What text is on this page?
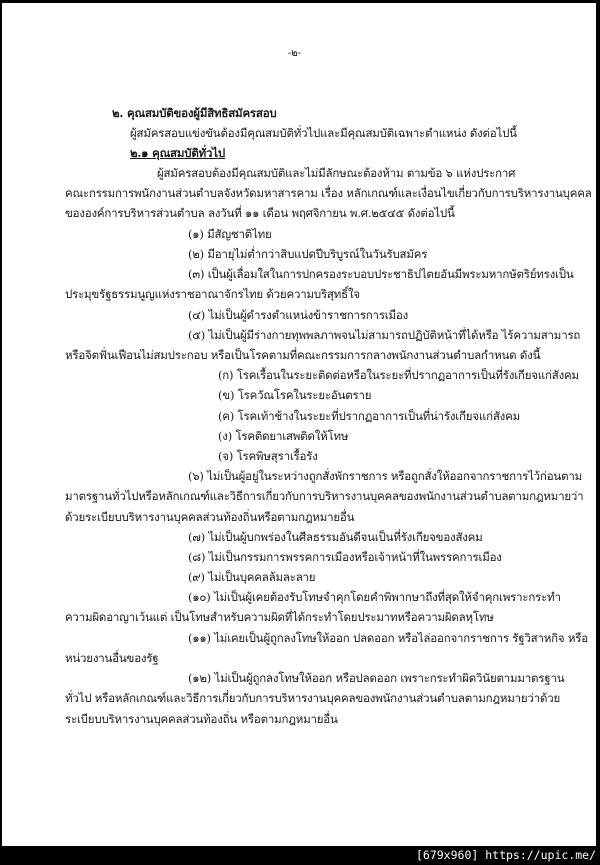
-๒-
๒. คุณสมบัติของผู้มีสิทธิสมัครสอบ
ผู้สมัครสอบแข่งขันต้องมีคุณสมบัติทั่วไปและมีคุณสมบัติเฉพาะตำแหน่ง ดังต่อไปนี้
๒.๑ คุณสมบัติทั่วไป
ผู้สมัครสอบต้องมีคุณสมบัติและไม่มีลักษณะต้องห้าม ตามข้อ ๖ แห่งประกาศ
คณะกรรมการพนักงานส่วนตำบลจังหวัดมหาสารคาม เรื่อง หลักเกณฑ์และเงื่อนไขเกี่ยวกับการบริหารงานบุคคล
ขององค์การบริหารส่วนตำบล ลงวันที่ ๑๑ เดือน พฤศจิกายน พ.ศ.๒๕๔๕ ดังต่อไปนี้
(๑) มีสัญชาติไทย
(๒) มีอายุไม่ต่ำกว่าสิบแปดปีบริบูรณ์ในวันรับสมัคร
(๓) เป็นผู้เลื่อมใสในการปกครองระบอบประชาธิปไตยอันมีพระมหากษัตริย์ทรงเป็น
ประมุขรัฐธรรมนูญแห่งราชอาณาจักรไทย ด้วยความบริสุทธิ์ใจ
(๔) ไม่เป็นผู้ดำรงตำแหน่งข้าราชการการเมือง
(๕) ไม่เป็นผู้มีร่างกายทุพพลภาพจนไม่สามารถปฏิบัติหน้าที่ได้หรือ ไร้ความสามารถ
หรือจิตฟั่นเฟือนไม่สมประกอบ หรือเป็นโรคตามที่คณะกรรมการกลางพนักงานส่วนตำบลกำหนด ดังนี้
(ก) โรคเรื้อนในระยะติดต่อหรือในระยะที่ปรากฏอาการเป็นที่รังเกียจแก่สังคม
(ข) โรควัณโรคในระยะอันตราย
(ค) โรคเท้าช้างในระยะที่ปรากฏอาการเป็นที่น่ารังเกียจแก่สังคม
(ง) โรคติดยาเสพติดให้โทษ
(จ) โรคพิษสุราเรื้อรัง
(๖) ไม่เป็นผู้อยู่ในระหว่างถูกสั่งพักราชการ หรือถูกสั่งให้ออกจากราชการไว้ก่อนตาม
มาตรฐานทั่วไปหรือหลักเกณฑ์และวิธีการเกี่ยวกับการบริหารงานบุคคลของพนักงานส่วนตำบลตามกฎหมายว่า
ด้วยระเบียบบริหารงานบุคคลส่วนท้องถิ่นหรือตามกฎหมายอื่น
(๗) ไม่เป็นผู้บกพร่องในศีลธรรมอันดีจนเป็นที่รังเกียจของสังคม
(๘) ไม่เป็นกรรมการพรรคการเมืองหรือเจ้าหน้าที่ในพรรคการเมือง
(๙) ไม่เป็นบุคคลล้มละลาย
(๑๐) ไม่เป็นผู้เคยต้องรับโทษจำคุกโดยคำพิพากษาถึงที่สุดให้จำคุกเพราะกระทำ
ความผิดอาญาเว้นแต่ เป็นโทษสำหรับความผิดที่ได้กระทำโดยประมาทหรือความผิดลหุโทษ
(๑๑) ไม่เคยเป็นผู้ถูกลงโทษให้ออก ปลดออก หรือไล่ออกจากราชการ รัฐวิสาหกิจ หรือ
หน่วยงานอื่นของรัฐ
(๑๒) ไม่เป็นผู้ถูกลงโทษให้ออก หรือปลดออก เพราะกระทำผิดวินัยตามมาตรฐาน
ทั่วไป หรือหลักเกณฑ์และวิธีการเกี่ยวกับการบริหารงานบุคคลของพนักงานส่วนตำบลตามกฎหมายว่าด้วย
ระเบียบบริหารงานบุคคลส่วนท้องถิ่น หรือตามกฎหมายอื่น
[679x960] https://upic.me/
